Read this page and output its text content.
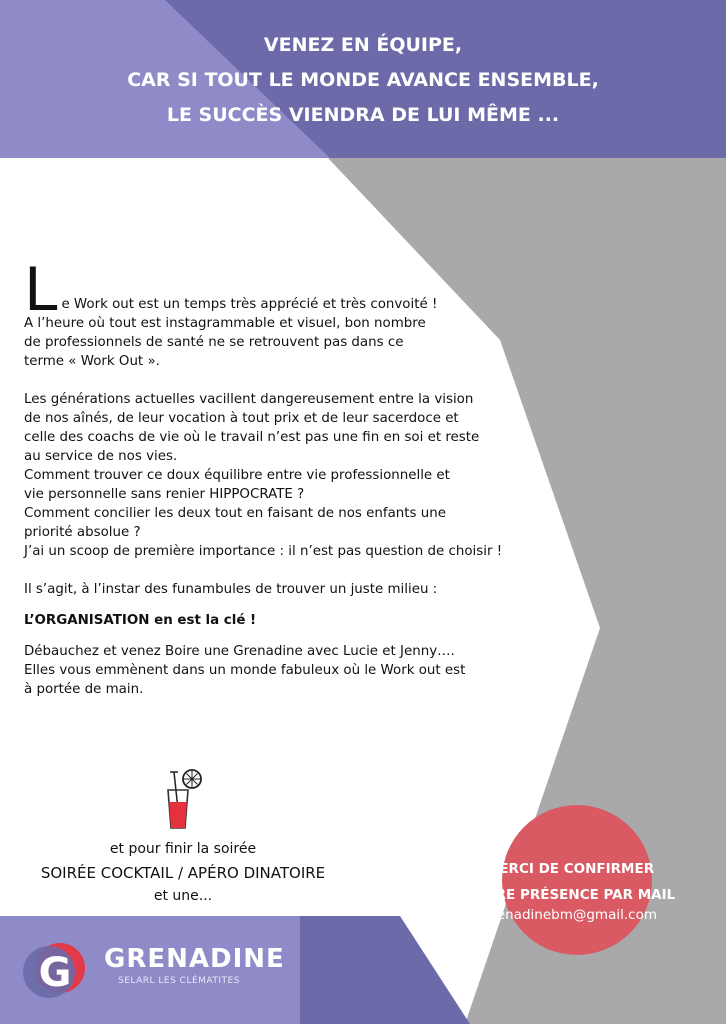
VENEZ EN ÉQUIPE,
CAR SI TOUT LE MONDE AVANCE ENSEMBLE,
LE SUCCÈS VIENDRA DE LUI MÊME ...
L e Work out est un temps très apprécié et très convoité !

A l’heure où tout est instagrammable et visuel, bon nombre

de professionnels de santé ne se retrouvent pas dans ce

terme « Work Out ».

Les générations actuelles vacillent dangereusement entre la vision

de nos aînés, de leur vocation à tout prix et de leur sacerdoce et

celle des coachs de vie où le travail n’est pas une fin en soi et reste

au service de nos vies.

Comment trouver ce doux équilibre entre vie professionnelle et

vie personnelle sans renier HIPPOCRATE ?

Comment concilier les deux tout en faisant de nos enfants une

priorité absolue ?

J’ai un scoop de première importance : il n’est pas question de choisir !

Il s’agit, à l’instar des funambules de trouver un juste milieu :

L’ORGANISATION en est la clé !

Débauchez et venez Boire une Grenadine avec Lucie et Jenny….

Elles vous emmènent dans un monde fabuleux où le Work out est

à portée de main.

et pour finir la soirée
SOIRÉE COCKTAIL / APÉRO DINATOIRE
et une...
MERCI DE CONFIRMER
VOTRE PRÉSENCE PAR MAIL
grenadinebm@gmail.com
G GRENADINE
SELARL LES CLÉMATITES
